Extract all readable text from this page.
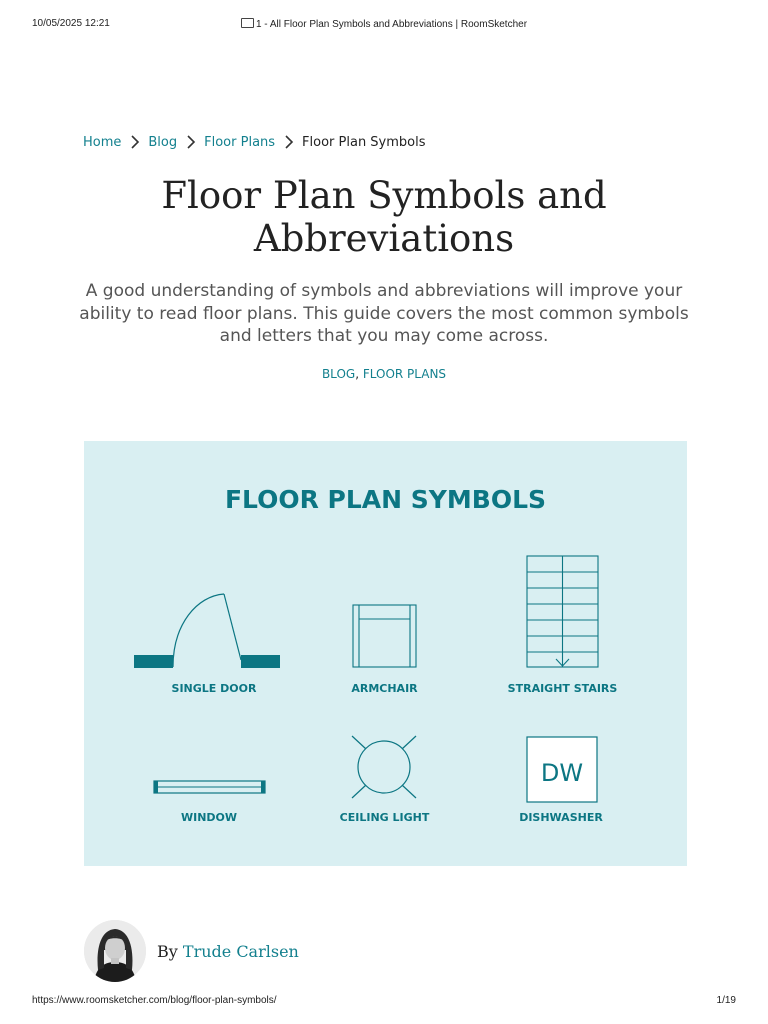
10/05/2025 12:21	1 - All Floor Plan Symbols and Abbreviations | RoomSketcher
Home Blog Floor Plans Floor Plan Symbols
Floor Plan Symbols and Abbreviations

A good understanding of symbols and abbreviations will improve your ability to read floor plans. This guide covers the most common symbols and letters that you may come across.

BLOG, FLOOR PLANS
FLOOR PLAN SYMBOLS
SINGLE DOOR	ARMCHAIR	STRAIGHT STAIRS
WINDOW	CEILING LIGHT
DW
DISHWASHER
By Trude Carlsen
https://www.roomsketcher.com/blog/floor-plan-symbols/	1/19
